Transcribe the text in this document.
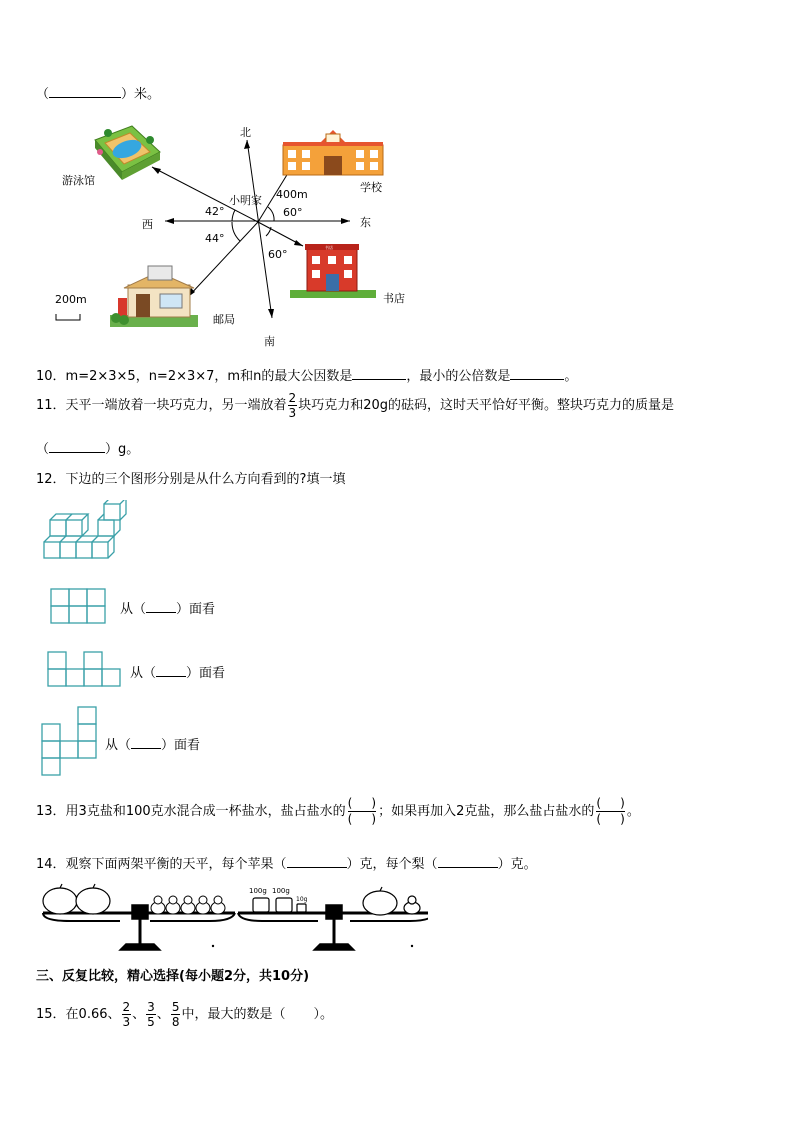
（	）米。
北
南
东
西
42°
44°
60°
60°
小明家 400m
游泳馆
学校
书店
书店
邮局
200m
10．m=2×3×5，n=2×3×7，m和n的最大公因数是	，最小的公倍数是	。
11．天平一端放着一块巧克力，另一端放着 $\frac{2}{3}$ 块巧克力和20g的砝码，这时天平恰好平衡。整块巧克力的质量是
（	）g。
12．下边的三个图形分别是从什么方向看到的?填一填
从（ ）面看
从（ ）面看
从（ ）面看
13．用3克盐和100克水混合成一杯盐水，盐占盐水的 $\frac{( )}{( )}$ ；如果再加入2克盐，那么盐占盐水的 $\frac{( )}{( )}$ 。
14．观察下面两架平衡的天平，每个苹果（	）克，每个梨（	）克。
100g 100g
10g
三、反复比较，精心选择(每小题2分，共10分)
15．在0.66、 $\frac{2}{3}$ 、 $\frac{3}{5}$ 、 $\frac{5}{8}$ 中，最大的数是（ ）。
